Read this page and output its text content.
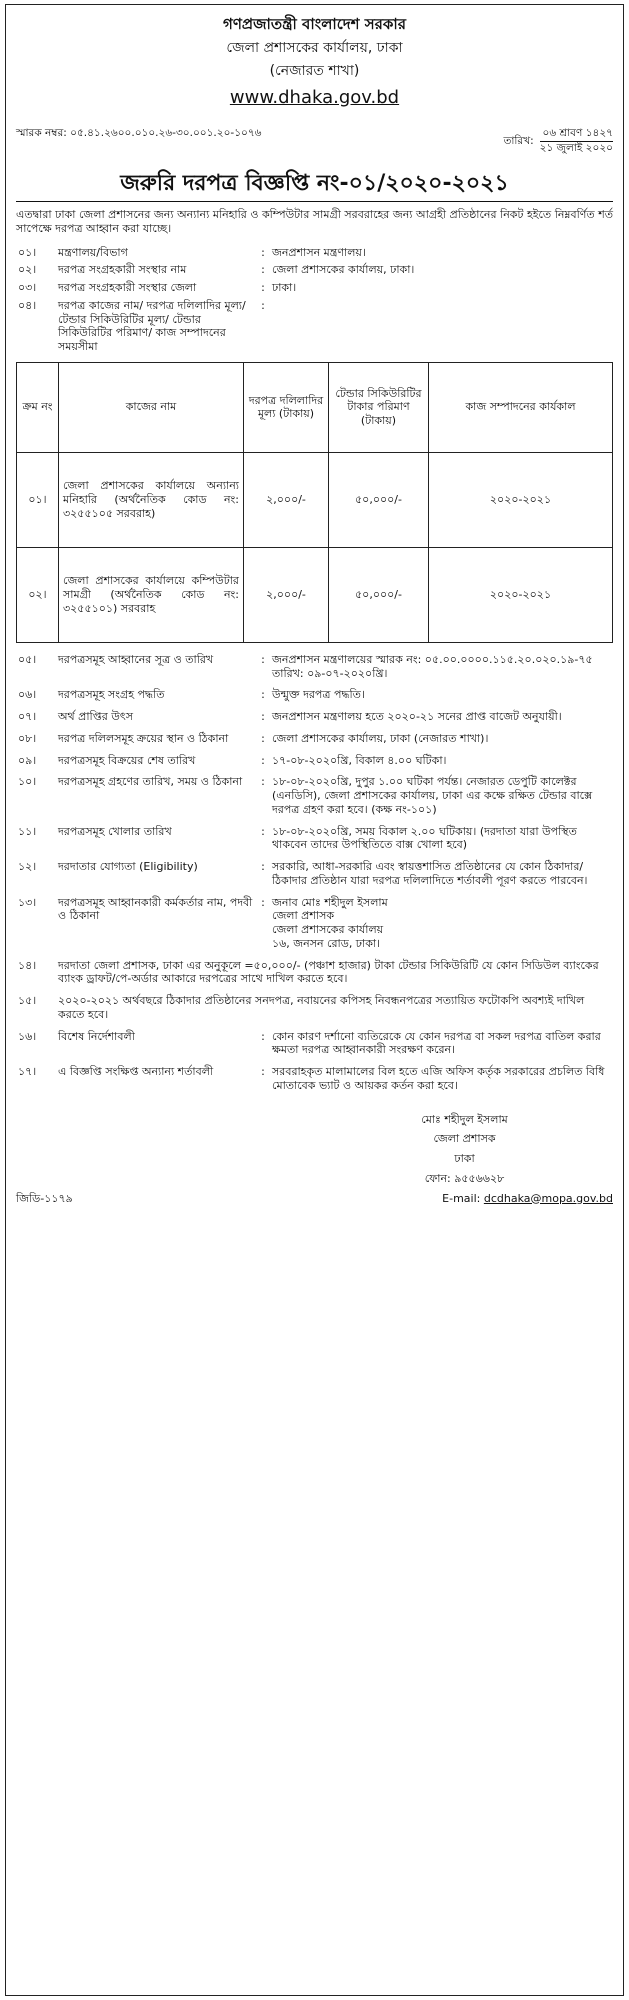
গণপ্রজাতন্ত্রী বাংলাদেশ সরকার
জেলা প্রশাসকের কার্যালয়, ঢাকা
(নেজারত শাখা)
www.dhaka.gov.bd
স্মারক নম্বর: ০৫.৪১.২৬০০.০১০.২৬-৩০.০০১.২০-১০৭৬
তারিখ:
০৬ শ্রাবণ ১৪২৭
২১ জুলাই ২০২০
জরুরি দরপত্র বিজ্ঞপ্তি নং-০১/২০২০-২০২১
এতদ্বারা ঢাকা জেলা প্রশাসনের জন্য অন্যান্য মনিহারি ও কম্পিউটার সামগ্রী সরবরাহের জন্য আগ্রহী প্রতিষ্ঠানের নিকট হইতে নিম্নবর্ণিত শর্ত সাপেক্ষে দরপত্র আহ্বান করা যাচ্ছে।
০১।	মন্ত্রণালয়/বিভাগ	:	জনপ্রশাসন মন্ত্রণালয়।
০২।	দরপত্র সংগ্রহকারী সংস্থার নাম	:	জেলা প্রশাসকের কার্যালয়, ঢাকা।
০৩।	দরপত্র সংগ্রহকারী সংস্থার জেলা	:	ঢাকা।
০৪।	দরপত্র কাজের নাম/ দরপত্র দলিলাদির মূল্য/ টেন্ডার সিকিউরিটির মূল্য/ টেন্ডার সিকিউরিটির পরিমাণ/ কাজ সম্পাদনের সময়সীমা	:	
ক্রম নং	কাজের নাম	দরপত্র দলিলাদির মূল্য (টাকায়)	টেন্ডার সিকিউরিটির টাকার পরিমাণ (টাকায়)	কাজ সম্পাদনের কার্যকাল
০১।	জেলা প্রশাসকের কার্যালয়ে অন্যান্য মনিহারি (অর্থনৈতিক কোড নং: ৩২৫৫১০৫ সরবরাহ)	২,০০০/-	৫০,০০০/-	২০২০-২০২১
০২।	জেলা প্রশাসকের কার্যালয়ে কম্পিউটার সামগ্রী (অর্থনৈতিক কোড নং: ৩২৫৫১০১) সরবরাহ	২,০০০/-	৫০,০০০/-	২০২০-২০২১
০৫।	দরপত্রসমূহ আহ্বানের সূত্র ও তারিখ	:	জনপ্রশাসন মন্ত্রণালয়ের স্মারক নং: ০৫.০০.০০০০.১১৫.২০.০২০.১৯-৭৫ তারিখ: ০৯-০৭-২০২০খ্রি।
০৬।	দরপত্রসমূহ সংগ্রহ পদ্ধতি	:	উন্মুক্ত দরপত্র পদ্ধতি।
০৭।	অর্থ প্রাপ্তির উৎস	:	জনপ্রশাসন মন্ত্রণালয় হতে ২০২০-২১ সনের প্রাপ্ত বাজেট অনুযায়ী।
০৮।	দরপত্র দলিলসমূহ ক্রয়ের স্থান ও ঠিকানা	:	জেলা প্রশাসকের কার্যালয়, ঢাকা (নেজারত শাখা)।
০৯।	দরপত্রসমূহ বিক্রয়ের শেষ তারিখ	:	১৭-০৮-২০২০খ্রি, বিকাল ৪.০০ ঘটিকা।
১০।	দরপত্রসমূহ গ্রহণের তারিখ, সময় ও ঠিকানা	:	১৮-০৮-২০২০খ্রি, দুপুর ১.০০ ঘটিকা পর্যন্ত। নেজারত ডেপুটি কালেক্টর (এনডিসি), জেলা প্রশাসকের কার্যালয়, ঢাকা এর কক্ষে রক্ষিত টেন্ডার বাক্সে দরপত্র গ্রহণ করা হবে। (কক্ষ নং-১০১)
১১।	দরপত্রসমূহ খোলার তারিখ	:	১৮-০৮-২০২০খ্রি, সময় বিকাল ২.০০ ঘটিকায়। (দরদাতা যারা উপস্থিত থাকবেন তাদের উপস্থিতিতে বাক্স খোলা হবে)
১২।	দরদাতার যোগ্যতা (Eligibility)	:	সরকারি, আধা-সরকারি এবং স্বায়ত্তশাসিত প্রতিষ্ঠানের যে কোন ঠিকাদার/ঠিকাদার প্রতিষ্ঠান যারা দরপত্র দলিলাদিতে শর্তাবলী পূরণ করতে পারবেন।
১৩।	দরপত্রসমূহ আহ্বানকারী কর্মকর্তার নাম, পদবী ও ঠিকানা	:	জনাব মোঃ শহীদুল ইসলাম
জেলা প্রশাসক
জেলা প্রশাসকের কার্যালয়
১৬, জনসন রোড, ঢাকা।
১৪।	দরদাতা জেলা প্রশাসক, ঢাকা এর অনুকূলে =৫০,০০০/- (পঞ্চাশ হাজার) টাকা টেন্ডার সিকিউরিটি যে কোন সিডিউল ব্যাংকের ব্যাংক ড্রাফট/পে-অর্ডার আকারে দরপত্রের সাথে দাখিল করতে হবে।		
১৫।	২০২০-২০২১ অর্থবছরে ঠিকাদার প্রতিষ্ঠানের সনদপত্র, নবায়নের কপিসহ নিবন্ধনপত্রের সত্যায়িত ফটোকপি অবশ্যই দাখিল করতে হবে।		
১৬।	বিশেষ নির্দেশাবলী	:	কোন কারণ দর্শানো ব্যতিরেকে যে কোন দরপত্র বা সকল দরপত্র বাতিল করার ক্ষমতা দরপত্র আহ্বানকারী সংরক্ষণ করেন।
১৭।	এ বিজ্ঞপ্তি সংক্ষিপ্ত অন্যান্য শর্তাবলী	:	সরবরাহকৃত মালামালের বিল হতে এজি অফিস কর্তৃক সরকারের প্রচলিত বিধি মোতাবেক ভ্যাট ও আয়কর কর্তন করা হবে।
মোঃ শহীদুল ইসলাম
জেলা প্রশাসক
ঢাকা
ফোন: ৯৫৫৬৬২৮
জিডি-১১৭৯	E-mail: dcdhaka@mopa.gov.bd
